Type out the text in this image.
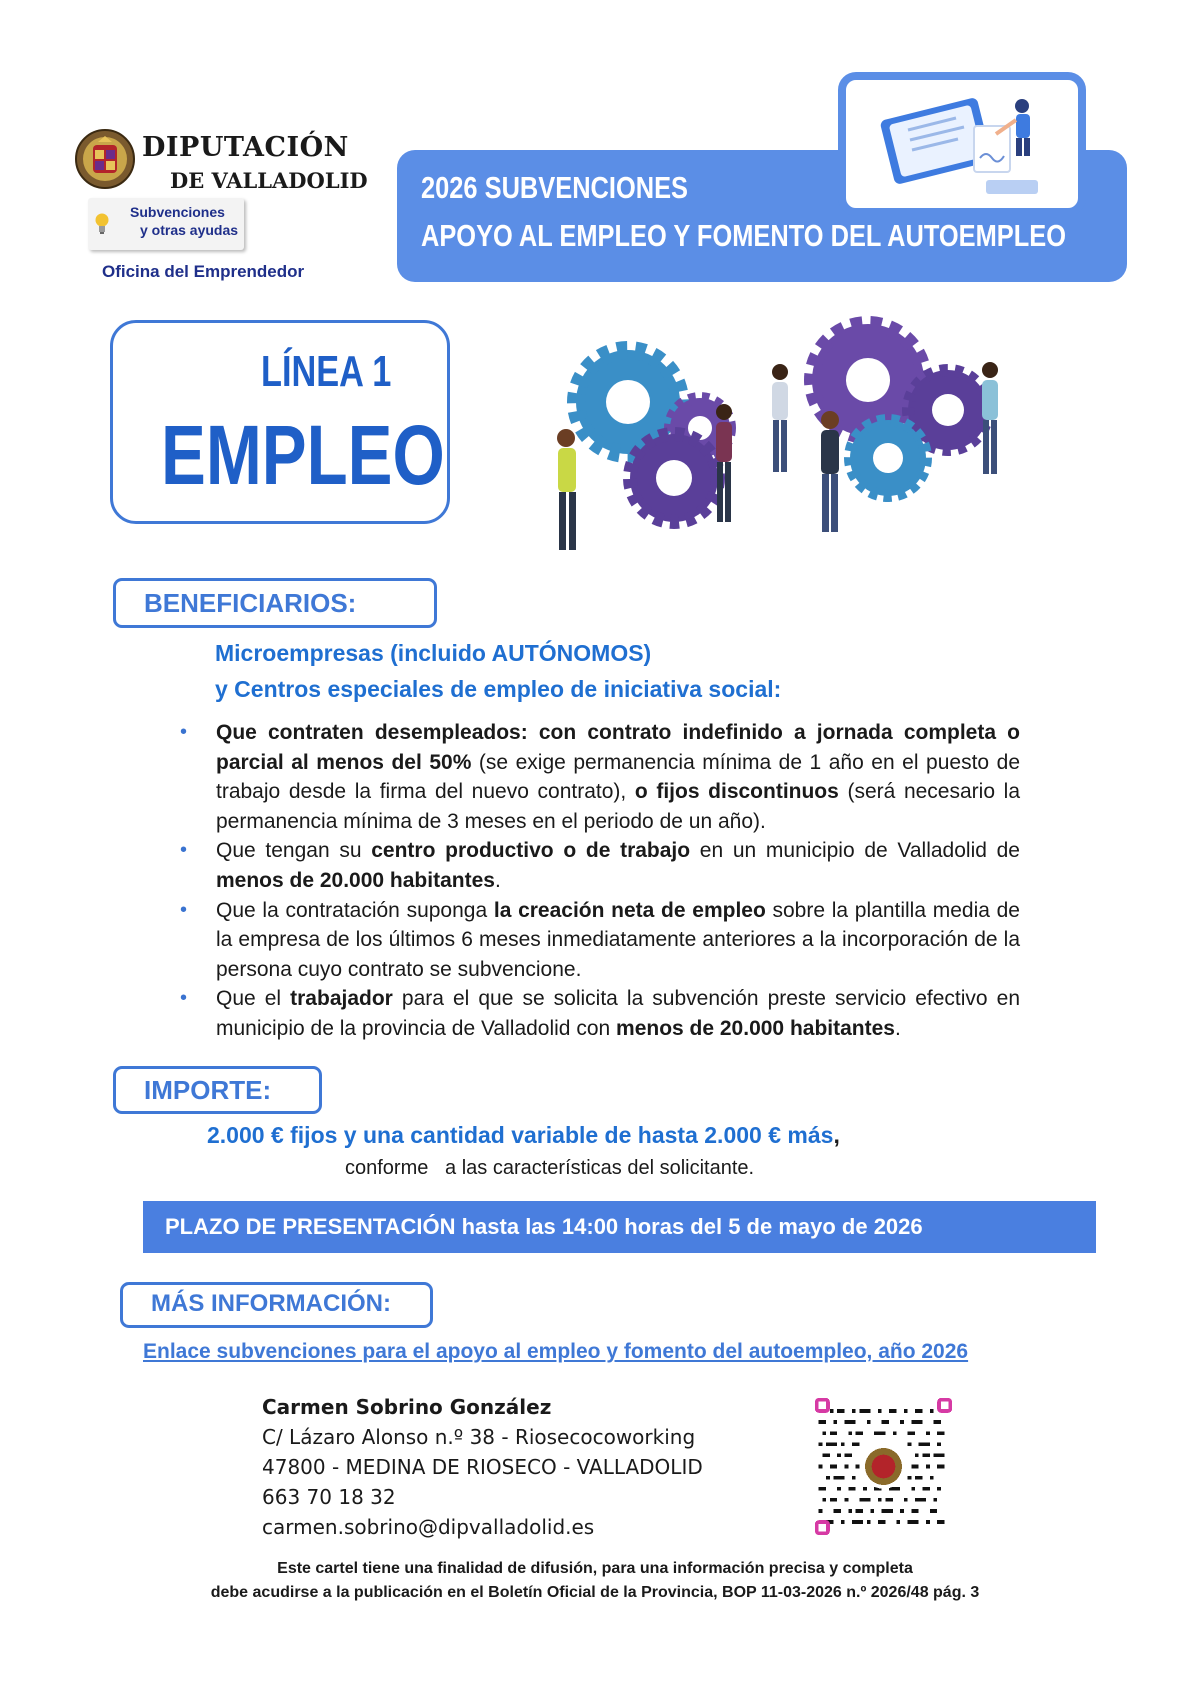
DIPUTACIÓN
DE VALLADOLID
Subvenciones
y otras ayudas
Oficina del Emprendedor
2026 SUBVENCIONES
APOYO AL EMPLEO Y FOMENTO DEL AUTOEMPLEO
LÍNEA 1
EMPLEO
BENEFICIARIOS:
Microempresas (incluido AUTÓNOMOS)
y Centros especiales de empleo de iniciativa social:
• Que contraten desempleados: con contrato indefinido a jornada completa o parcial al menos del 50% (se exige permanencia mínima de 1 año en el puesto de trabajo desde la firma del nuevo contrato), o fijos discontinuos (será necesario la permanencia mínima de 3 meses en el periodo de un año).
• Que tengan su centro productivo o de trabajo en un municipio de Valladolid de menos de 20.000 habitantes.
• Que la contratación suponga la creación neta de empleo sobre la plantilla media de la empresa de los últimos 6 meses inmediatamente anteriores a la incorporación de la persona cuyo contrato se subvencione.
• Que el trabajador para el que se solicita la subvención preste servicio efectivo en municipio de la provincia de Valladolid con menos de 20.000 habitantes.
IMPORTE:
2.000 € fijos y una cantidad variable de hasta 2.000 € más,
conforme   a las características del solicitante.
PLAZO DE PRESENTACIÓN hasta las 14:00 horas del 5 de mayo de 2026
MÁS INFORMACIÓN:
Enlace subvenciones para el apoyo al empleo y fomento del autoempleo, año 2026
Carmen Sobrino González
C/ Lázaro Alonso n.º 38 - Riosecocoworking
47800 - MEDINA DE RIOSECO - VALLADOLID
663 70 18 32
carmen.sobrino@dipvalladolid.es
Este cartel tiene una finalidad de difusión, para una información precisa y completa
debe acudirse a la publicación en el Boletín Oficial de la Provincia, BOP 11-03-2026 n.º 2026/48 pág. 3
